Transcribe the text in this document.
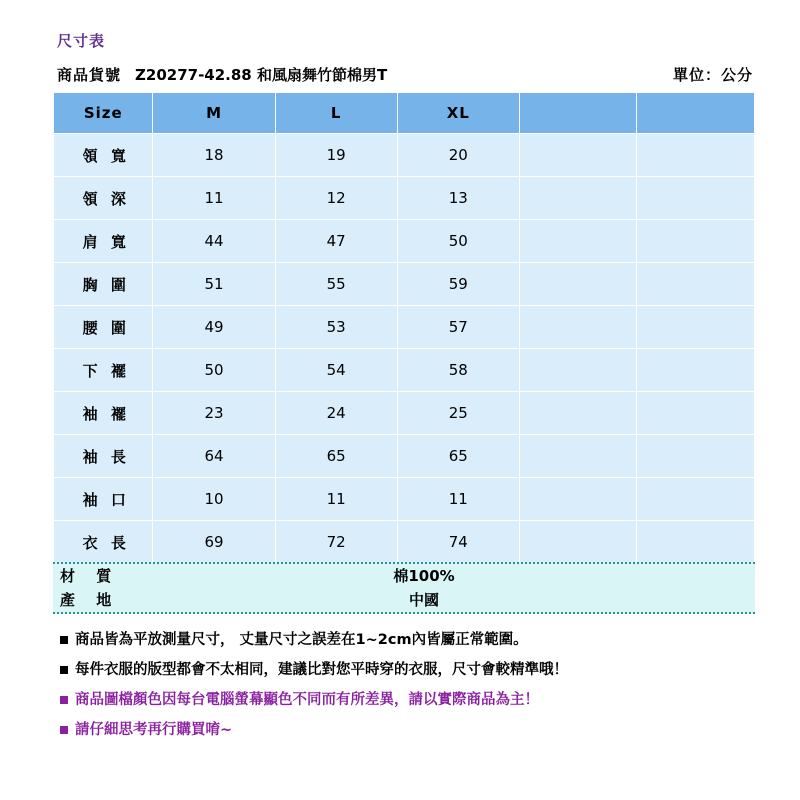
尺寸表
商品貨號 Z20277-42.88 和風扇舞竹節棉男T	單位：公分
Size	M	L	XL		
領 寬	18	19	20		
領 深	11	12	13		
肩 寬	44	47	50		
胸 圍	51	55	59		
腰 圍	49	53	57		
下 襬	50	54	58		
袖 襬	23	24	25		
袖 長	64	65	65		
袖 口	10	11	11		
衣 長	69	72	74		
材 質	棉100%
產 地	中國
商品皆為平放測量尺寸， 丈量尺寸之誤差在1~2cm內皆屬正常範圍。
每件衣服的版型都會不太相同，建議比對您平時穿的衣服，尺寸會較精準哦！
商品圖檔顏色因每台電腦螢幕顯色不同而有所差異，請以實際商品為主！
請仔細思考再行購買唷~
